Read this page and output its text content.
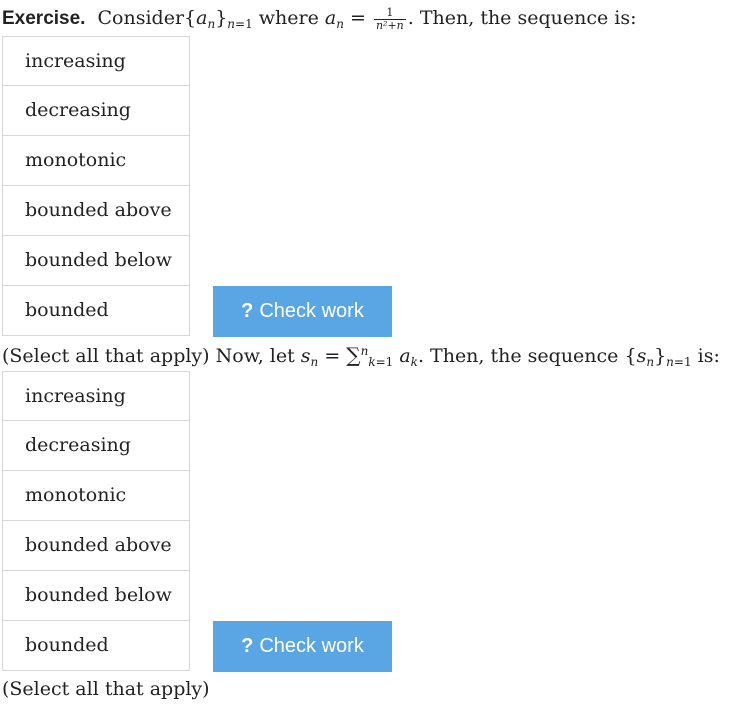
Exercise. $Consider\{a_n\}_{n=1}$ where $a_n = \frac{1}{\text{n²+n}}$ . Then, the sequence is:
increasing
decreasing
monotonic
bounded above
bounded below
bounded	? Check work
(Select all that apply) Now, let $s_n = \sum^n_{k=1}$ $a_k$. Then, the sequence $\{s_n\}_{n=1}$ is:
increasing
decreasing
monotonic
bounded above
bounded below
bounded	? Check work
(Select all that apply)
